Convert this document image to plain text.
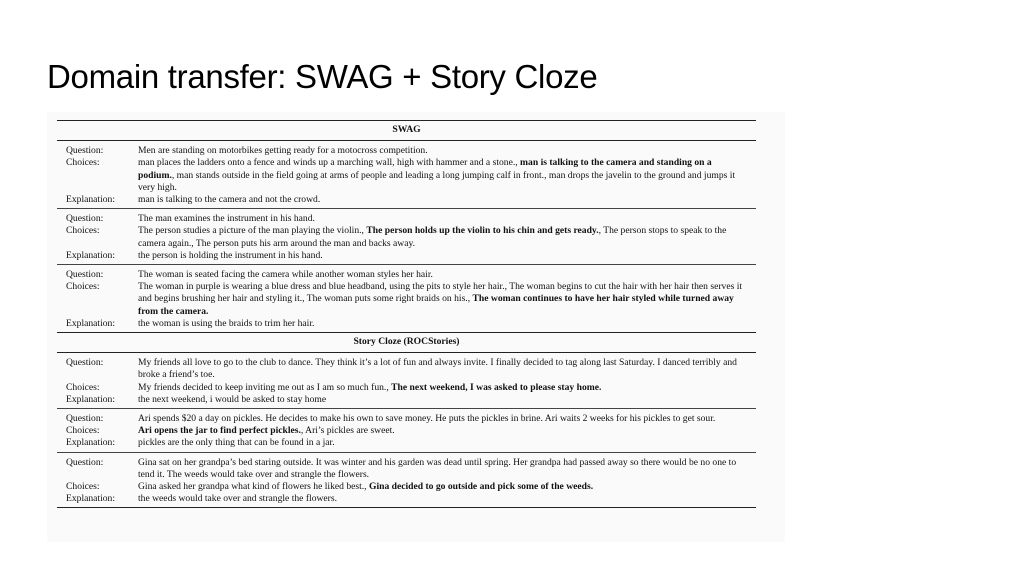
Domain transfer: SWAG + Story Cloze
SWAG
Question:	Men are standing on motorbikes getting ready for a motocross competition.
Choices:	man places the ladders onto a fence and winds up a marching wall, high with hammer and a stone., man is talking to the camera and standing on a podium., man stands outside in the field going at arms of people and leading a long jumping calf in front., man drops the javelin to the ground and jumps it very high.
Explanation:	man is talking to the camera and not the crowd.
Question:	The man examines the instrument in his hand.
Choices:	The person studies a picture of the man playing the violin., The person holds up the violin to his chin and gets ready., The person stops to speak to the camera again., The person puts his arm around the man and backs away.
Explanation:	the person is holding the instrument in his hand.
Question:	The woman is seated facing the camera while another woman styles her hair.
Choices:	The woman in purple is wearing a blue dress and blue headband, using the pits to style her hair., The woman begins to cut the hair with her hair then serves it and begins brushing her hair and styling it., The woman puts some right braids on his., The woman continues to have her hair styled while turned away from the camera.
Explanation:	the woman is using the braids to trim her hair.
Story Cloze (ROCStories)
Question:	My friends all love to go to the club to dance. They think it’s a lot of fun and always invite. I finally decided to tag along last Saturday. I danced terribly and broke a friend’s toe.
Choices:	My friends decided to keep inviting me out as I am so much fun., The next weekend, I was asked to please stay home.
Explanation:	the next weekend, i would be asked to stay home
Question:	Ari spends $20 a day on pickles. He decides to make his own to save money. He puts the pickles in brine. Ari waits 2 weeks for his pickles to get sour.
Choices:	Ari opens the jar to find perfect pickles., Ari’s pickles are sweet.
Explanation:	pickles are the only thing that can be found in a jar.
Question:	Gina sat on her grandpa’s bed staring outside. It was winter and his garden was dead until spring. Her grandpa had passed away so there would be no one to tend it. The weeds would take over and strangle the flowers.
Choices:	Gina asked her grandpa what kind of flowers he liked best., Gina decided to go outside and pick some of the weeds.
Explanation:	the weeds would take over and strangle the flowers.
